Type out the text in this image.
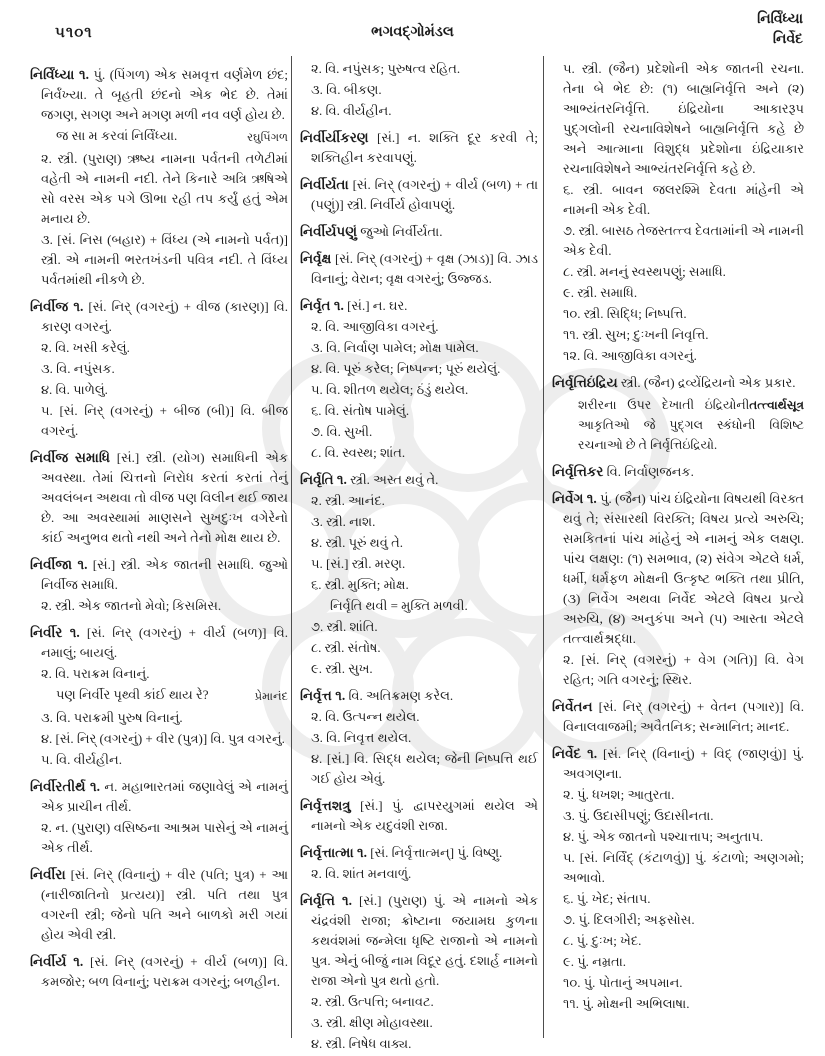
૫૧૦૧	ભગવદ્ગોમંડલ
નિર્વિંધ્યા
નિર્વેદ

નિર્વિંધ્યા ૧. પું. (પિંગળ) એક સમવૃત્ત વર્ણમેળ છંદ; નિર્વંખ્યા. તે બૃહતી છંદનો એક ભેદ છે. તેમાં જગણ, સગણ અને મગણ મળી નવ વર્ણ હોય છે.

જ સા મ કરવાં નિર્વિંધ્યા.	રઘુપિંગળ

૨. સ્ત્રી. (પુરાણ) ઋષ્ય નામના પર્વતની તળેટીમાં વહેતી એ નામની નદી. તેને કિનારે અત્રિ ઋષિએ સો વરસ એક પગે ઊભા રહી તપ કર્યું હતું એમ મનાય છે.

૩. [સં. નિસ (બહાર) + વિંધ્ય (એ નામનો પર્વત)] સ્ત્રી. એ નામની ભરતખંડની પવિત્ર નદી. તે વિંધ્ય પર્વતમાંથી નીકળે છે.

નિર્વીજ ૧. [સં. નિર્ (વગરનું) + વીજ (કારણ)] વિ. કારણ વગરનું.

૨. વિ. ખસી કરેલું.

૩. વિ. નપુંસક.

૪. વિ. પાળેલું.

૫. [સં. નિર્ (વગરનું) + બીજ (બી)] વિ. બીજ વગરનું.

નિર્વીજ સમાધિ [સં.] સ્ત્રી. (યોગ) સમાધિની એક અવસ્થા. તેમાં ચિત્તનો નિરોધ કરતાં કરતાં તેનું અવલંબન અથવા તો વીજ પણ વિલીન થઈ જાય છે. આ અવસ્થામાં માણસને સુખદુઃખ વગેરેનો કાંઈ અનુભવ થતો નથી અને તેનો મોક્ષ થાય છે.

નિર્વીજા ૧. [સં.] સ્ત્રી. એક જાતની સમાધિ. જુઓ નિર્વીજ સમાધિ.

૨. સ્ત્રી. એક જાતનો મેવો; કિસમિસ.

નિર્વીર ૧. [સં. નિર્ (વગરનું) + વીર્ય (બળ)] વિ. નમાલું; બાયલું.

૨. વિ. પરાક્રમ વિનાનું.

પણ નિર્વીર પૃથ્વી કાંઈ થાય રે?	પ્રેમાનંદ

૩. વિ. પરાક્રમી પુરુષ વિનાનું.

૪. [સં. નિર્ (વગરનું) + વીર (પુત્ર)] વિ. પુત્ર વગરનું.

૫. વિ. વીર્યહીન.

નિર્વીરતીર્થ ૧. ન. મહાભારતમાં જણાવેલું એ નામનું એક પ્રાચીન તીર્થ.

૨. ન. (પુરાણ) વસિષ્ઠના આશ્રમ પાસેનું એ નામનું એક તીર્થ.

નિર્વીરા [સં. નિર્ (વિનાનું) + વીર (પતિ; પુત્ર) + આ (નારીજાતિનો પ્રત્યય)] સ્ત્રી. પતિ તથા પુત્ર વગરની સ્ત્રી; જેનો પતિ અને બાળકો મરી ગયાં હોય એવી સ્ત્રી.

નિર્વીર્ય ૧. [સં. નિર્ (વગરનું) + વીર્ય (બળ)] વિ. કમજોર; બળ વિનાનું; પરાક્રમ વગરનું; બળહીન.

૨. વિ. નપુંસક; પુરુષત્વ રહિત.

૩. વિ. બીકણ.

૪. વિ. વીર્યહીન.

નિર્વીર્યીકરણ [સં.] ન. શક્તિ દૂર કરવી તે; શક્તિહીન કરવાપણું.

નિર્વીર્યતા [સં. નિર્ (વગરનું) + વીર્ય (બળ) + તા (પણું)] સ્ત્રી. નિર્વીર્ય હોવાપણું.

નિર્વીર્યપણું જુઓ નિર્વીર્યતા.

નિર્વૃક્ષ [સં. નિર્ (વગરનું) + વૃક્ષ (ઝાડ)] વિ. ઝાડ વિનાનું; વેરાન; વૃક્ષ વગરનું; ઉજ્જડ.

નિર્વૃત ૧. [સં.] ન. ઘર.

૨. વિ. આજીવિકા વગરનું.

૩. વિ. નિર્વાણ પામેલ; મોક્ષ પામેલ.

૪. વિ. પૂરું કરેલ; નિષ્પન્ન; પૂરું થયેલું.

૫. વિ. શીતળ થયેલ; ઠંડું થયેલ.

૬. વિ. સંતોષ પામેલું.

૭. વિ. સુખી.

૮. વિ. સ્વસ્થ; શાંત.

નિર્વૃતિ ૧. સ્ત્રી. અસ્ત થવું તે.

૨. સ્ત્રી. આનંદ.

૩. સ્ત્રી. નાશ.

૪. સ્ત્રી. પૂરું થવું તે.

૫. [સં.] સ્ત્રી. મરણ.

૬. સ્ત્રી. મુક્તિ; મોક્ષ.

નિર્વૃતિ થવી = મુક્તિ મળવી.

૭. સ્ત્રી. શાંતિ.

૮. સ્ત્રી. સંતોષ.

૯. સ્ત્રી. સુખ.

નિર્વૃત્ત ૧. વિ. અતિક્રમણ કરેલ.

૨. વિ. ઉત્પન્ન થયેલ.

૩. વિ. નિવૃત્ત થયેલ.

૪. [સં.] વિ. સિદ્ધ થયેલ; જેની નિષ્પત્તિ થઈ ગઈ હોય એવું.

નિર્વૃત્તશત્રુ [સં.] પું. દ્વાપરયુગમાં થયેલ એ નામનો એક યદુવંશી રાજા.

નિર્વૃત્તાત્મા ૧. [સં. નિર્વૃત્તાત્મન્] પું. વિષ્ણુ.

૨. વિ. શાંત મનવાળું.

નિર્વૃત્તિ ૧. [સં.] (પુરાણ) પું. એ નામનો એક ચંદ્રવંશી રાજા; ક્રોષ્ટાના જયામઘ કુળના કથવંશમાં જન્મેલા ધૃષ્ટિ રાજાનો એ નામનો પુત્ર. એનું બીજું નામ વિદૂર હતું. દશાર્હ નામનો રાજા એનો પુત્ર થતો હતો.

૨. સ્ત્રી. ઉત્પત્તિ; બનાવટ.

૩. સ્ત્રી. ક્ષીણ મોહાવસ્થા.

૪. સ્ત્રી. નિષેધ વાક્ય.

૫. સ્ત્રી. (જૈન) પ્રદેશોની એક જાતની રચના. તેના બે ભેદ છે: (૧) બાહ્યનિર્વૃત્તિ અને (૨) આભ્યંતરનિર્વૃત્તિ. ઇંદ્રિયોના આકારરૂપ પુદ્ગલોની રચનાવિશેષને બાહ્યનિર્વૃત્તિ કહે છે અને આત્માના વિશુદ્ધ પ્રદેશોના ઇંદ્રિયાકાર રચનાવિશેષને આભ્યંતરનિર્વૃત્તિ કહે છે.

૬. સ્ત્રી. બાવન જલરશ્મિ દેવતા માંહેની એ નામની એક દેવી.

૭. સ્ત્રી. બાસઠ તેજસ્તત્ત્વ દેવતામાંની એ નામની એક દેવી.

૮. સ્ત્રી. મનનું સ્વસ્થપણું; સમાધિ.

૯. સ્ત્રી. સમાધિ.

૧૦. સ્ત્રી. સિદ્ધિ; નિષ્પત્તિ.

૧૧. સ્ત્રી. સુખ; દુઃખની નિવૃત્તિ.

૧૨. વિ. આજીવિકા વગરનું.

નિર્વૃત્તિઇંદ્રિય સ્ત્રી. (જૈન) દ્રવ્યેંદ્રિયનો એક પ્રકાર.

તત્ત્વાર્થસૂત્ર
શરીરના ઉપર દેખાતી ઇંદ્રિયોની આકૃતિઓ જે પુદ્ગલ સ્કંધોની વિશિષ્ટ રચનાઓ છે તે નિર્વૃત્તિઇંદ્રિયો.

નિર્વૃત્તિકર વિ. નિર્વાણજનક.

નિર્વેગ ૧. પું. (જૈન) પાંચ ઇંદ્રિયોના વિષયથી વિરક્ત થવું તે; સંસારથી વિરક્તિ; વિષય પ્રત્યે અરુચિ; સમકિતનાં પાંચ માંહેનું એ નામનું એક લક્ષણ. પાંચ લક્ષણ: (૧) સમભાવ, (૨) સંવેગ એટલે ધર્મ, ધર્મી, ધર્મફળ મોક્ષની ઉત્કૃષ્ટ ભક્તિ તથા પ્રીતિ, (૩) નિર્વેગ અથવા નિર્વેદ એટલે વિષય પ્રત્યે અરુચિ, (૪) અનુકંપા અને (૫) આસ્તા એટલે તત્ત્વાર્થશ્રદ્ધા.

૨. [સં. નિર્ (વગરનું) + વેગ (ગતિ)] વિ. વેગ રહિત; ગતિ વગરનું; સ્થિર.

નિર્વેતન [સં. નિર્ (વગરનું) + વેતન (પગાર)] વિ. વિનાલવાજમી; અવૈતનિક; સન્માનિત; માનદ.

નિર્વેદ ૧. [સં. નિર્ (વિનાનું) + વિદ્ (જાણવું)] પું. અવગણના.

૨. પું. ધખશ; આતુરતા.

૩. પું. ઉદાસીપણું; ઉદાસીનતા.

૪. પું. એક જાતનો પશ્ચાત્તાપ; અનુતાપ.

૫. [સં. નિર્વિંદ્ (કંટાળવું)] પું. કંટાળો; અણગમો; અભાવો.

૬. પું. ખેદ; સંતાપ.

૭. પું. દિલગીરી; અફસોસ.

૮. પું. દુઃખ; ખેદ.

૯. પું. નમ્રતા.

૧૦. પું. પોતાનું અપમાન.

૧૧. પું. મોક્ષની અભિલાષા.
